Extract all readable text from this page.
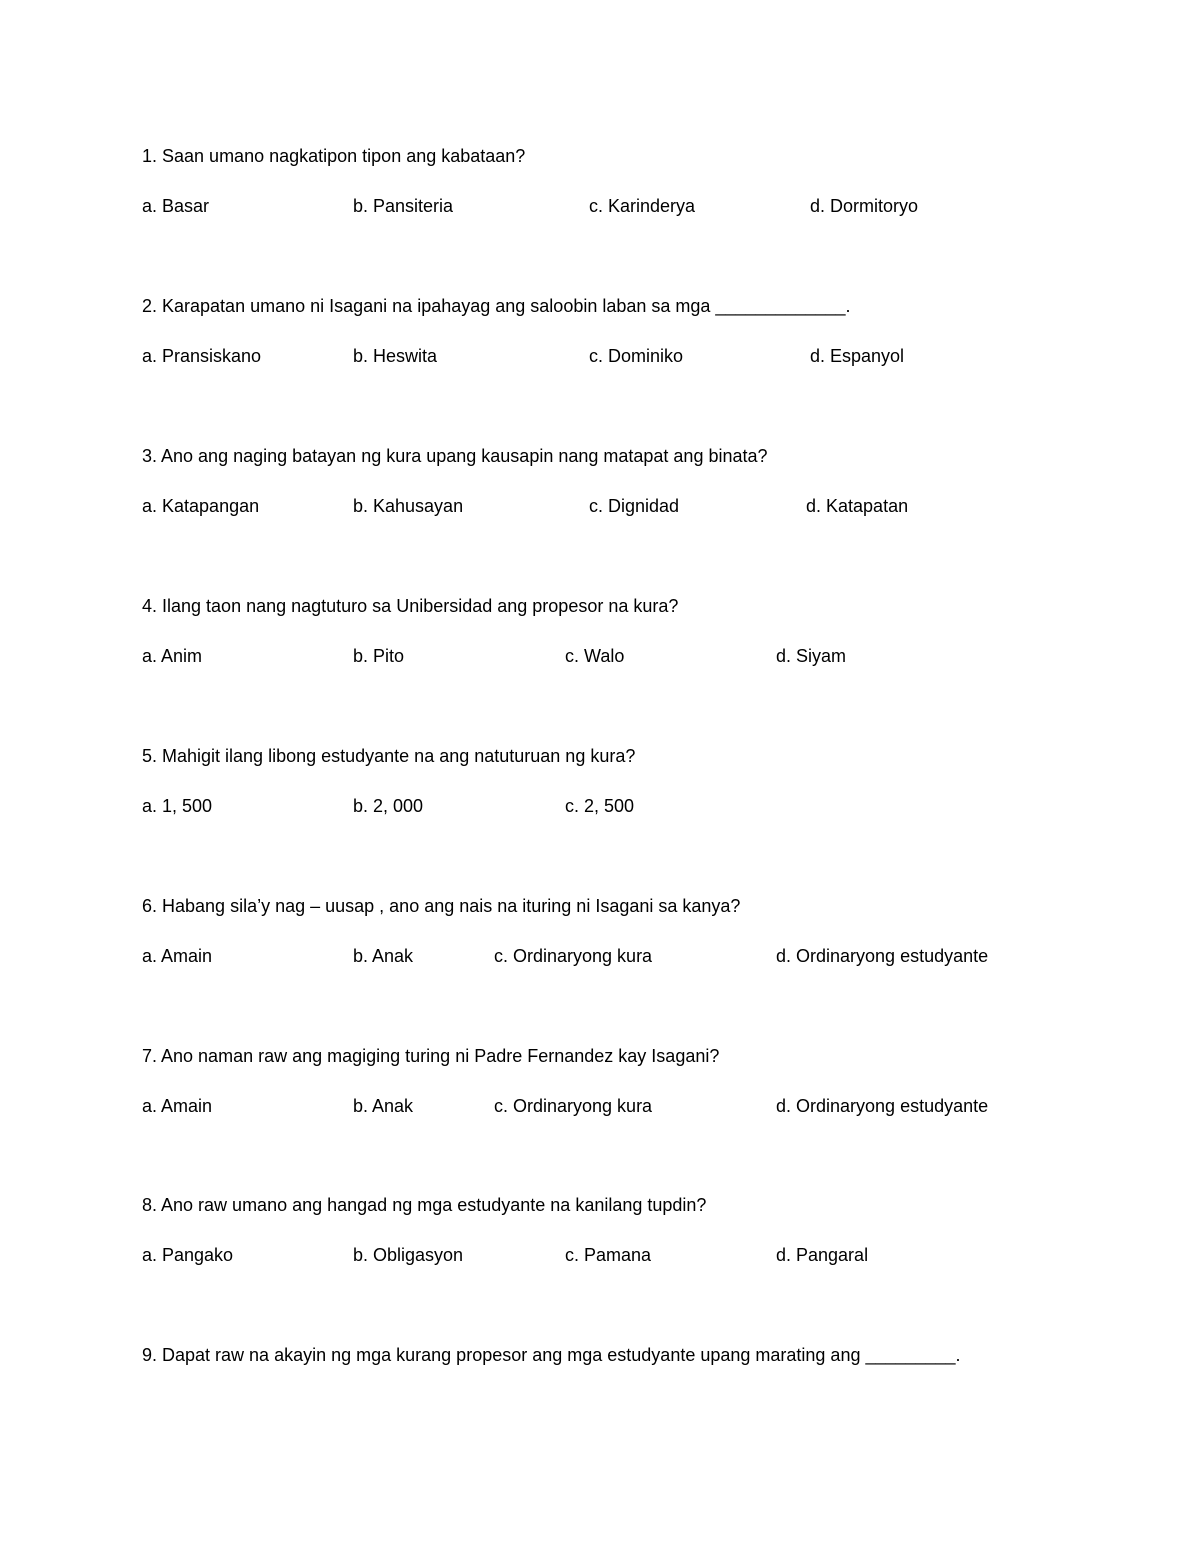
1. Saan umano nagkatipon tipon ang kabataan?
a. Basar	b. Pansiteria	c. Karinderya	d. Dormitoryo
2. Karapatan umano ni Isagani na ipahayag ang saloobin laban sa mga _____________.
a. Pransiskano	b. Heswita	c. Dominiko	d. Espanyol
3. Ano ang naging batayan ng kura upang kausapin nang matapat ang binata?
a. Katapangan	b. Kahusayan	c. Dignidad	d. Katapatan
4. Ilang taon nang nagtuturo sa Unibersidad ang propesor na kura?
a. Anim	b. Pito	c. Walo	d. Siyam
5. Mahigit ilang libong estudyante na ang natuturuan ng kura?
a. 1, 500	b. 2, 000	c. 2, 500
6. Habang sila’y nag – uusap , ano ang nais na ituring ni Isagani sa kanya?
a. Amain	b. Anak	c. Ordinaryong kura	d. Ordinaryong estudyante
7. Ano naman raw ang magiging turing ni Padre Fernandez kay Isagani?
a. Amain	b. Anak	c. Ordinaryong kura	d. Ordinaryong estudyante
8. Ano raw umano ang hangad ng mga estudyante na kanilang tupdin?
a. Pangako	b. Obligasyon	c. Pamana	d. Pangaral
9. Dapat raw na akayin ng mga kurang propesor ang mga estudyante upang marating ang _________.
